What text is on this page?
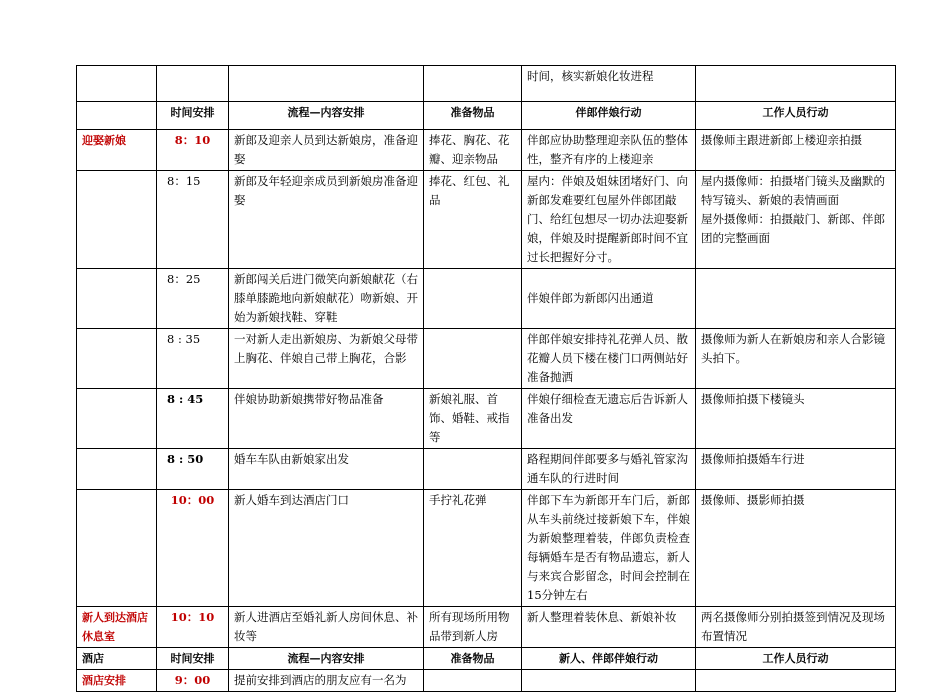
				时间，核实新娘化妆进程	
	时间安排	流程—内容安排	准备物品	伴郎伴娘行动	工作人员行动
迎娶新娘	8：10	新郎及迎亲人员到达新娘房，准备迎娶	捧花、胸花、花瓣、迎亲物品	伴郎应协助整理迎亲队伍的整体性，整齐有序的上楼迎亲	摄像师主跟进新郎上楼迎亲拍摄
	8：15	新郎及年轻迎亲成员到新娘房准备迎娶	捧花、红包、礼品	屋内：伴娘及姐妹团堵好门、向新郎发难要红包屋外伴郎团敲门、给红包想尽一切办法迎娶新娘，伴娘及时提醒新郎时间不宜过长把握好分寸。	屋内摄像师：拍摄堵门镜头及幽默的特写镜头、新娘的表情画面
屋外摄像师：拍摄敲门、新郎、伴郎团的完整画面

	8：25	新郎闯关后进门微笑向新娘献花（右膝单膝跪地向新娘献花）吻新娘、开始为新娘找鞋、穿鞋		伴娘伴郎为新郎闪出通道	
	8 : 35	一对新人走出新娘房、为新娘父母带上胸花、伴娘自己带上胸花，合影		伴郎伴娘安排持礼花弹人员、散花瓣人员下楼在楼门口两侧站好准备抛洒	摄像师为新人在新娘房和亲人合影镜头拍下。
	8 : 45	伴娘协助新娘携带好物品准备	新娘礼服、首饰、婚鞋、戒指等	伴娘仔细检查无遗忘后告诉新人准备出发	摄像师拍摄下楼镜头
	8 : 50	婚车车队由新娘家出发		路程期间伴郎要多与婚礼管家沟通车队的行进时间	摄像师拍摄婚车行进
	10：00	新人婚车到达酒店门口	手拧礼花弹	伴郎下车为新郎开车门后，新郎从车头前绕过接新娘下车，伴娘为新娘整理着装，伴郎负责检查每辆婚车是否有物品遗忘，新人与来宾合影留念，时间会控制在15分钟左右	摄像师、摄影师拍摄
新人到达酒店休息室	10：10	新人进酒店至婚礼新人房间休息、补妆等	所有现场所用物品带到新人房	新人整理着装休息、新娘补妆	两名摄像师分别拍摄签到情况及现场布置情况
酒店	时间安排	流程—内容安排	准备物品	新人、伴郎伴娘行动	工作人员行动
酒店安排	9：00	提前安排到酒店的朋友应有一名为			
